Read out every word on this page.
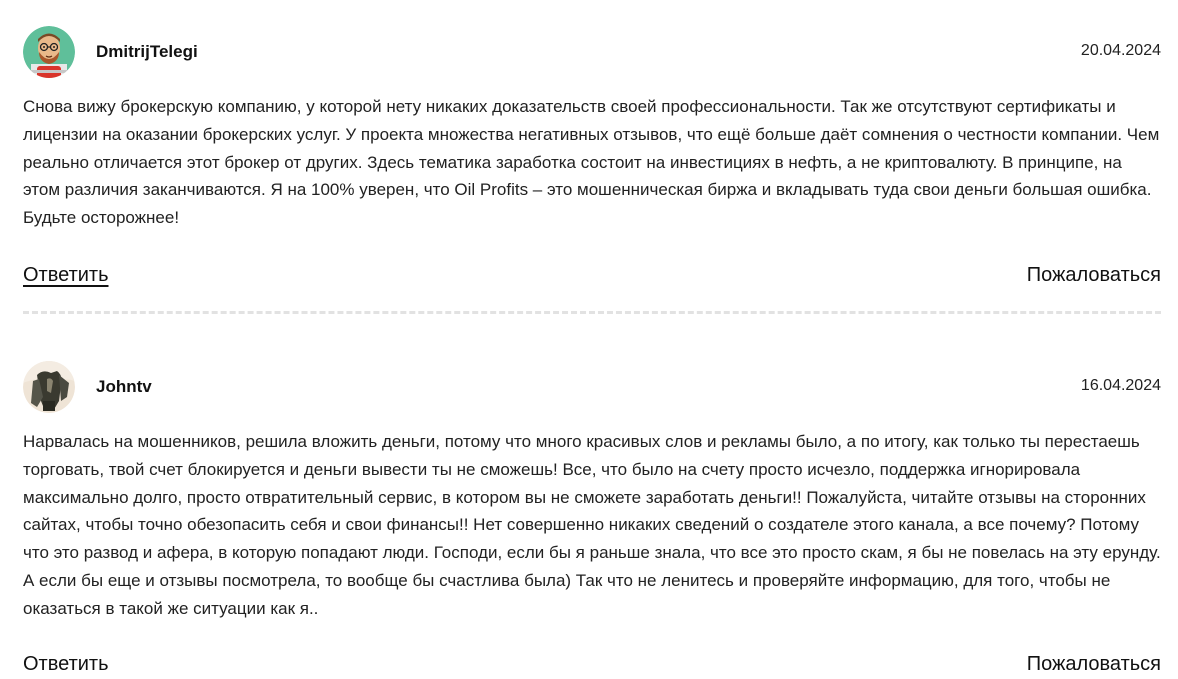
DmitrijTelegi	20.04.2024

Снова вижу брокерскую компанию, у которой нету никаких доказательств своей профессиональности. Так же отсутствуют сертификаты и лицензии на оказании брокерских услуг. У проекта множества негативных отзывов, что ещё больше даёт сомнения о честности компании. Чем реально отличается этот брокер от других. Здесь тематика заработка состоит на инвестициях в нефть, а не криптовалюту. В принципе, на этом различия заканчиваются. Я на 100% уверен, что Oil Profits – это мошенническая биржа и вкладывать туда свои деньги большая ошибка. Будьте осторожнее!

Ответить	Пожаловаться
Johntv	16.04.2024

Нарвалась на мошенников, решила вложить деньги, потому что много красивых слов и рекламы было, а по итогу, как только ты перестаешь торговать, твой счет блокируется и деньги вывести ты не сможешь! Все, что было на счету просто исчезло, поддержка игнорировала максимально долго, просто отвратительный сервис, в котором вы не сможете заработать деньги!! Пожалуйста, читайте отзывы на сторонних сайтах, чтобы точно обезопасить себя и свои финансы!! Нет совершенно никаких сведений о создателе этого канала, а все почему? Потому что это развод и афера, в которую попадают люди. Господи, если бы я раньше знала, что все это просто скам, я бы не повелась на эту ерунду. А если бы еще и отзывы посмотрела, то вообще бы счастлива была) Так что не ленитесь и проверяйте информацию, для того, чтобы не оказаться в такой же ситуации как я..

Ответить	Пожаловаться
